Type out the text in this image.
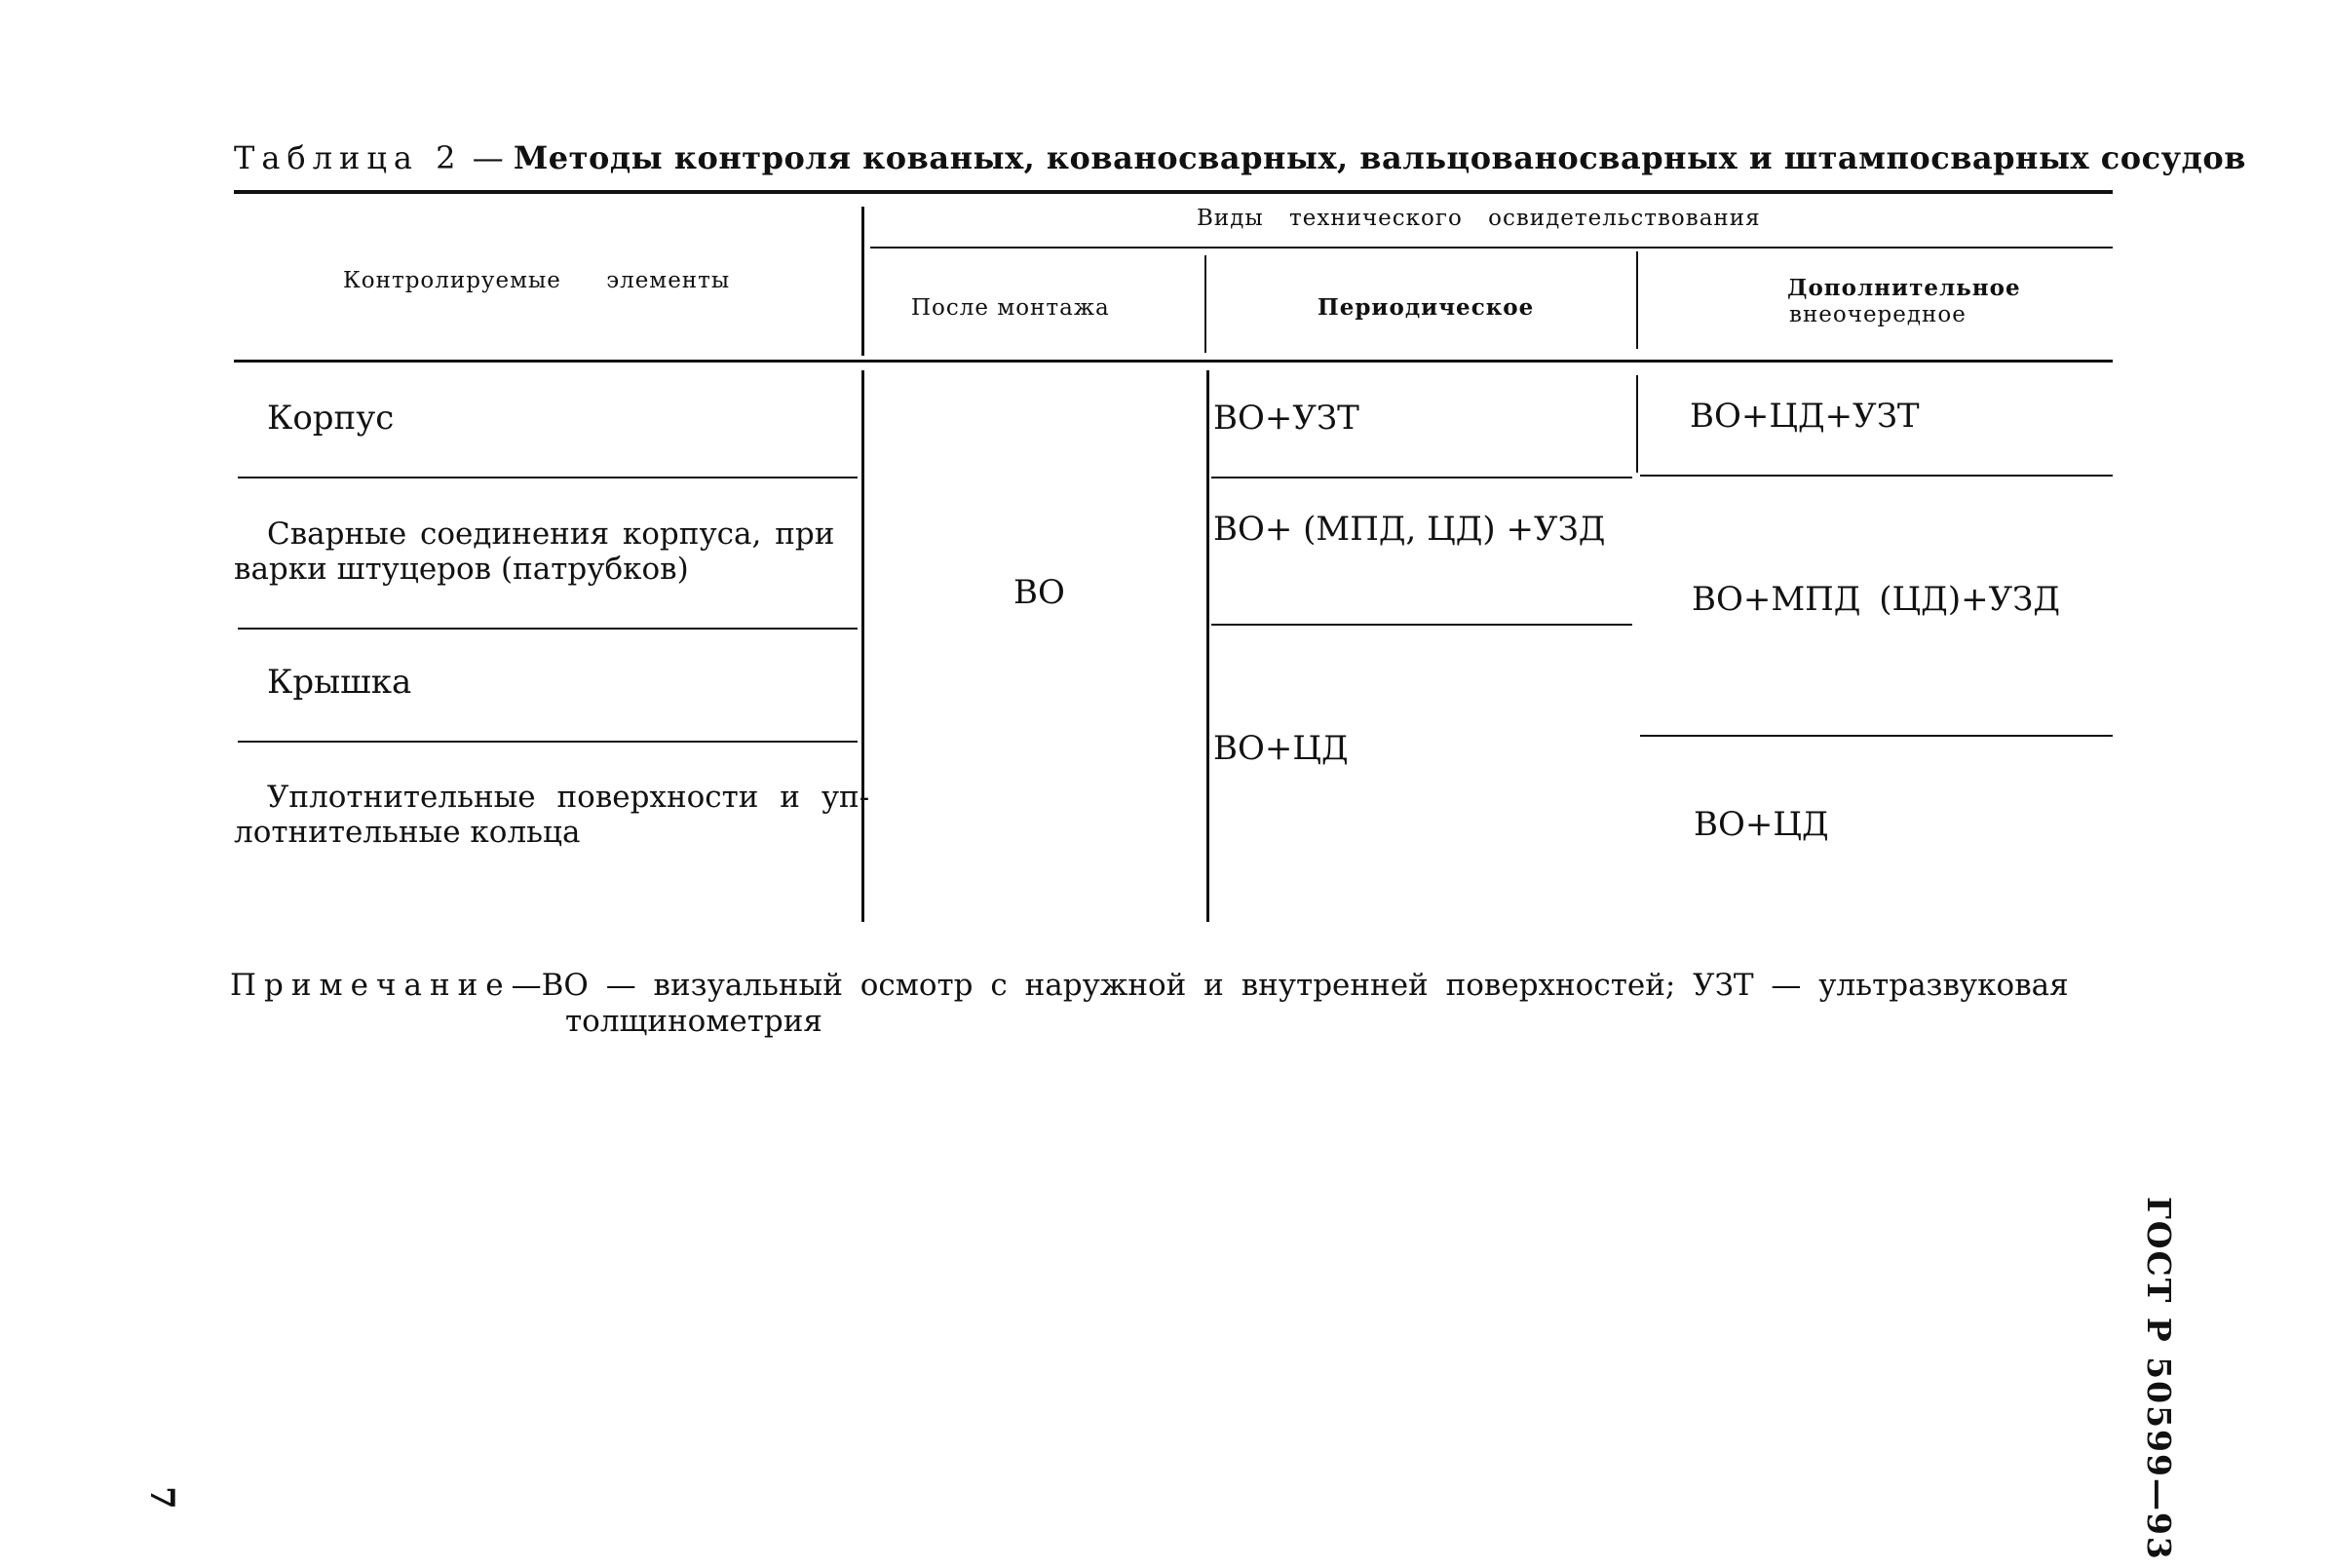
Таблица 2 — Методы контроля кованых, кованосварных, вальцованосварных и штампосварных сосудов
Контролируемые элементы
Виды технического освидетельствования
После монтажа	Периодическое
Дополнительное
внеочередное
Корпус
Сварные соединения корпуса, при
варки штуцеров (патрубков)
Крышка
Уплотнительные поверхности и уп-
лотнительные кольца
ВО
ВО+УЗТ
ВО+ (МПД, ЦД) +УЗД
ВО+ЦД
ВО+ЦД+УЗТ
ВО+МПД (ЦД)+УЗД
ВО+ЦД
Примечание—ВО — визуальный осмотр с наружной и внутренней поверхностей; УЗТ — ультразвуковая
толщинометрия
ГОСТ Р 50599—93
7
